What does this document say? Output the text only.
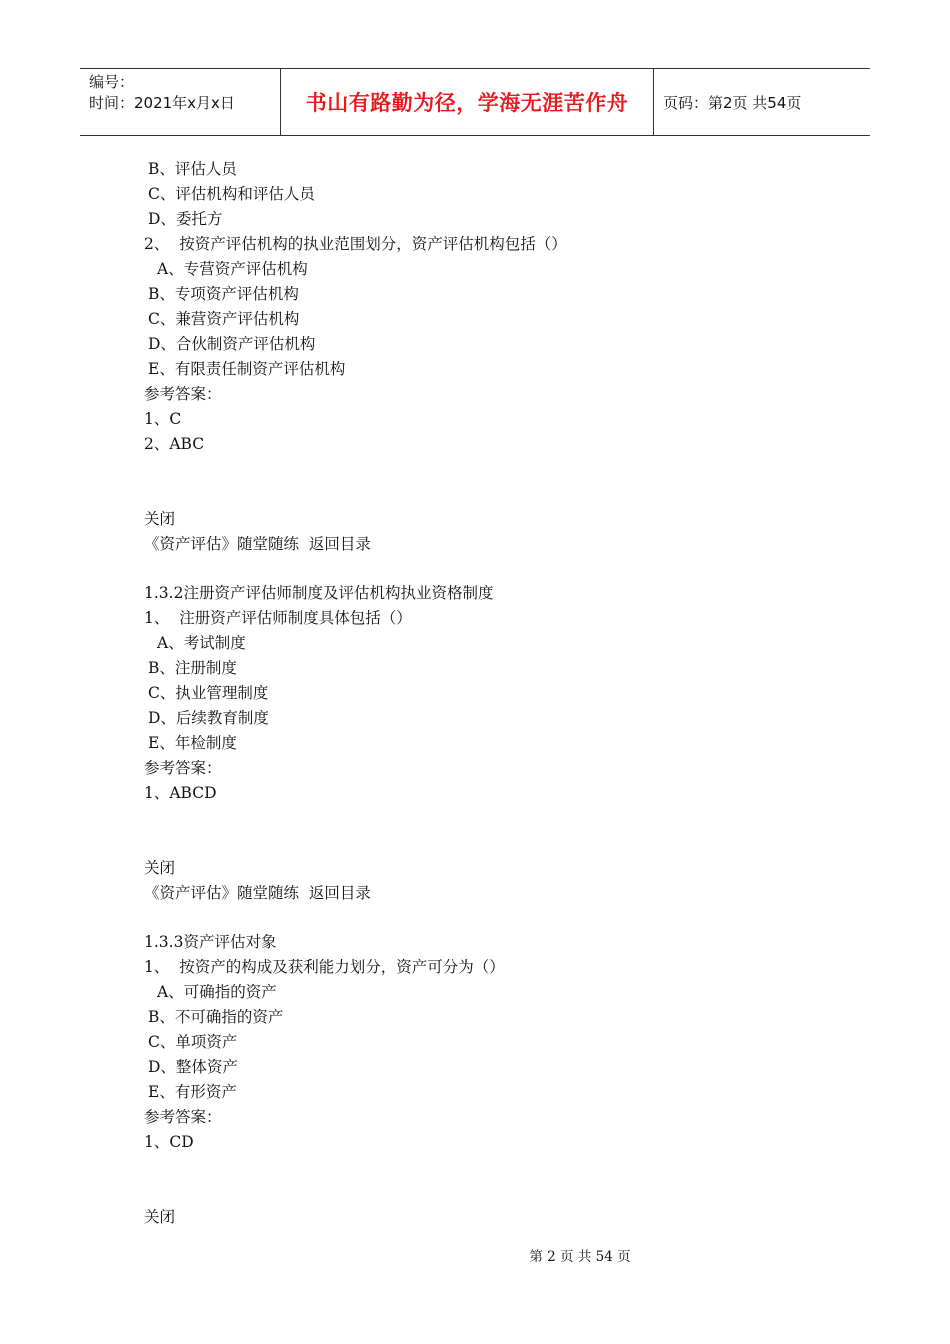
编号：
时间：2021年x月x日	书山有路勤为径，学海无涯苦作舟	页码：第2页 共54页
B、评估人员
C、评估机构和评估人员
D、委托方
2、  按资产评估机构的执业范围划分，资产评估机构包括（）
A、专营资产评估机构
B、专项资产评估机构
C、兼营资产评估机构
D、合伙制资产评估机构
E、有限责任制资产评估机构
参考答案：
1、C
2、ABC
关闭
《资产评估》随堂随练  返回目录
1.3.2注册资产评估师制度及评估机构执业资格制度
1、  注册资产评估师制度具体包括（）
A、考试制度
B、注册制度
C、执业管理制度
D、后续教育制度
E、年检制度
参考答案：
1、ABCD
关闭
《资产评估》随堂随练  返回目录
1.3.3资产评估对象
1、  按资产的构成及获利能力划分，资产可分为（）
A、可确指的资产
B、不可确指的资产
C、单项资产
D、整体资产
E、有形资产
参考答案：
1、CD
关闭
第 2 页 共 54 页
